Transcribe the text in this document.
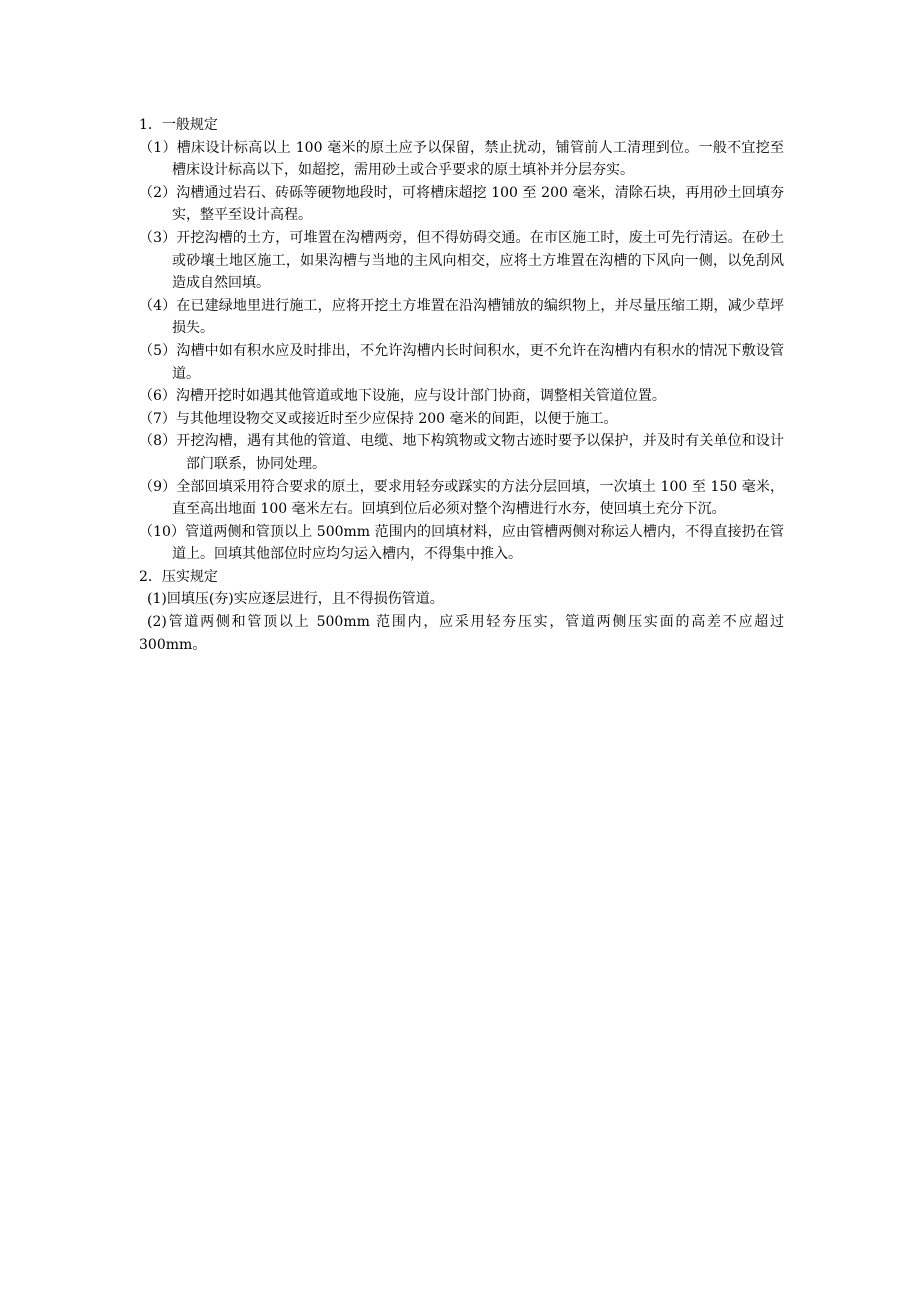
1．一般规定

（1）槽床设计标高以上 100 毫米的原土应予以保留，禁止扰动，铺管前人工清理到位。一般不宜挖至槽床设计标高以下，如超挖，需用砂土或合乎要求的原土填补并分层夯实。

（2）沟槽通过岩石、砖砾等硬物地段时，可将槽床超挖 100 至 200 毫米，清除石块，再用砂土回填夯实，整平至设计高程。

（3）开挖沟槽的土方，可堆置在沟槽两旁，但不得妨碍交通。在市区施工时，废土可先行清运。在砂土或砂壤土地区施工，如果沟槽与当地的主风向相交，应将土方堆置在沟槽的下风向一侧，以免刮风造成自然回填。

（4）在已建绿地里进行施工，应将开挖土方堆置在沿沟槽铺放的编织物上，并尽量压缩工期，减少草坪损失。

（5）沟槽中如有积水应及时排出，不允许沟槽内长时间积水，更不允许在沟槽内有积水的情况下敷设管道。

（6）沟槽开挖时如遇其他管道或地下设施，应与设计部门协商，调整相关管道位置。

（7）与其他埋设物交叉或接近时至少应保持 200 毫米的间距，以便于施工。

（8）开挖沟槽，遇有其他的管道、电缆、地下构筑物或文物古迹时要予以保护，并及时有关单位和设计部门联系，协同处理。

（9）全部回填采用符合要求的原土，要求用轻夯或踩实的方法分层回填，一次填土 100 至 150 毫米，直至高出地面 100 毫米左右。回填到位后必须对整个沟槽进行水夯，使回填土充分下沉。

（10）管道两侧和管顶以上 500mm 范围内的回填材料，应由管槽两侧对称运人槽内，不得直接扔在管道上。回填其他部位时应均匀运入槽内，不得集中推入。

2．压实规定

(1)回填压(夯)实应逐层进行，且不得损伤管道。

(2)管道两侧和管顶以上 500mm 范围内，应采用轻夯压实，管道两侧压实面的高差不应超过 300mm。
